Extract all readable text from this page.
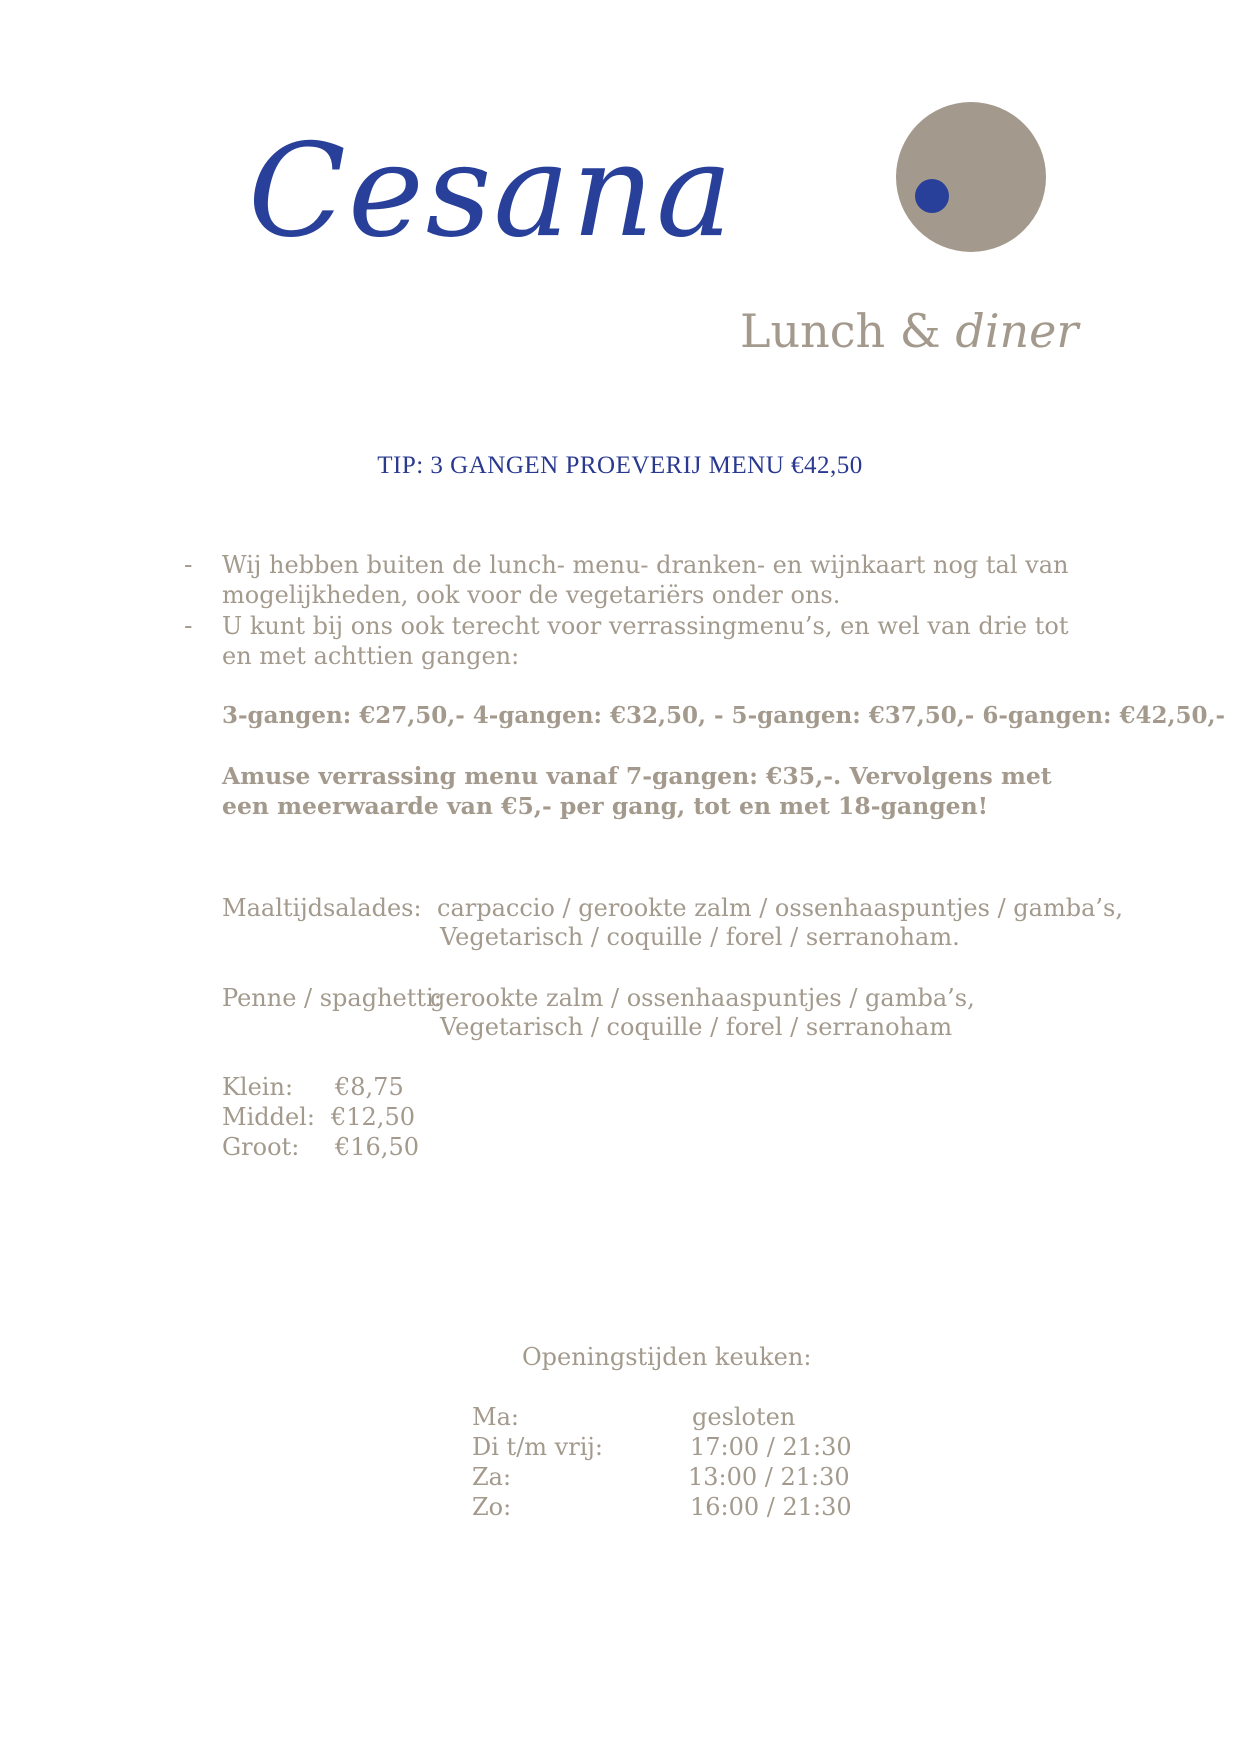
Cesana
Lunch & diner
TIP: 3 GANGEN PROEVERIJ MENU €42,50
- Wij hebben buiten de lunch- menu- dranken- en wijnkaart nog tal van mogelijkheden, ook voor de vegetariërs onder ons.
- U kunt bij ons ook terecht voor verrassingmenu’s, en wel van drie tot en met achttien gangen:
3-gangen: €27,50,- 4-gangen: €32,50, - 5-gangen: €37,50,- 6-gangen: €42,50,-
Amuse verrassing menu vanaf 7-gangen: €35,-. Vervolgens met een meerwaarde van €5,- per gang, tot en met 18-gangen!
Maaltijdsalades: carpaccio / gerookte zalm / ossenhaaspuntjes / gamba’s,
Vegetarisch / coquille / forel / serranoham.
Penne / spaghetti:
gerookte zalm / ossenhaaspuntjes / gamba’s,
Vegetarisch / coquille / forel / serranoham
Klein: €8,75
Middel: €12,50
Groot: €16,50
Openingstijden keuken:
Ma:	gesloten
Di t/m vrij:	17:00 / 21:30
Za:	13:00 / 21:30
Zo:	16:00 / 21:30
